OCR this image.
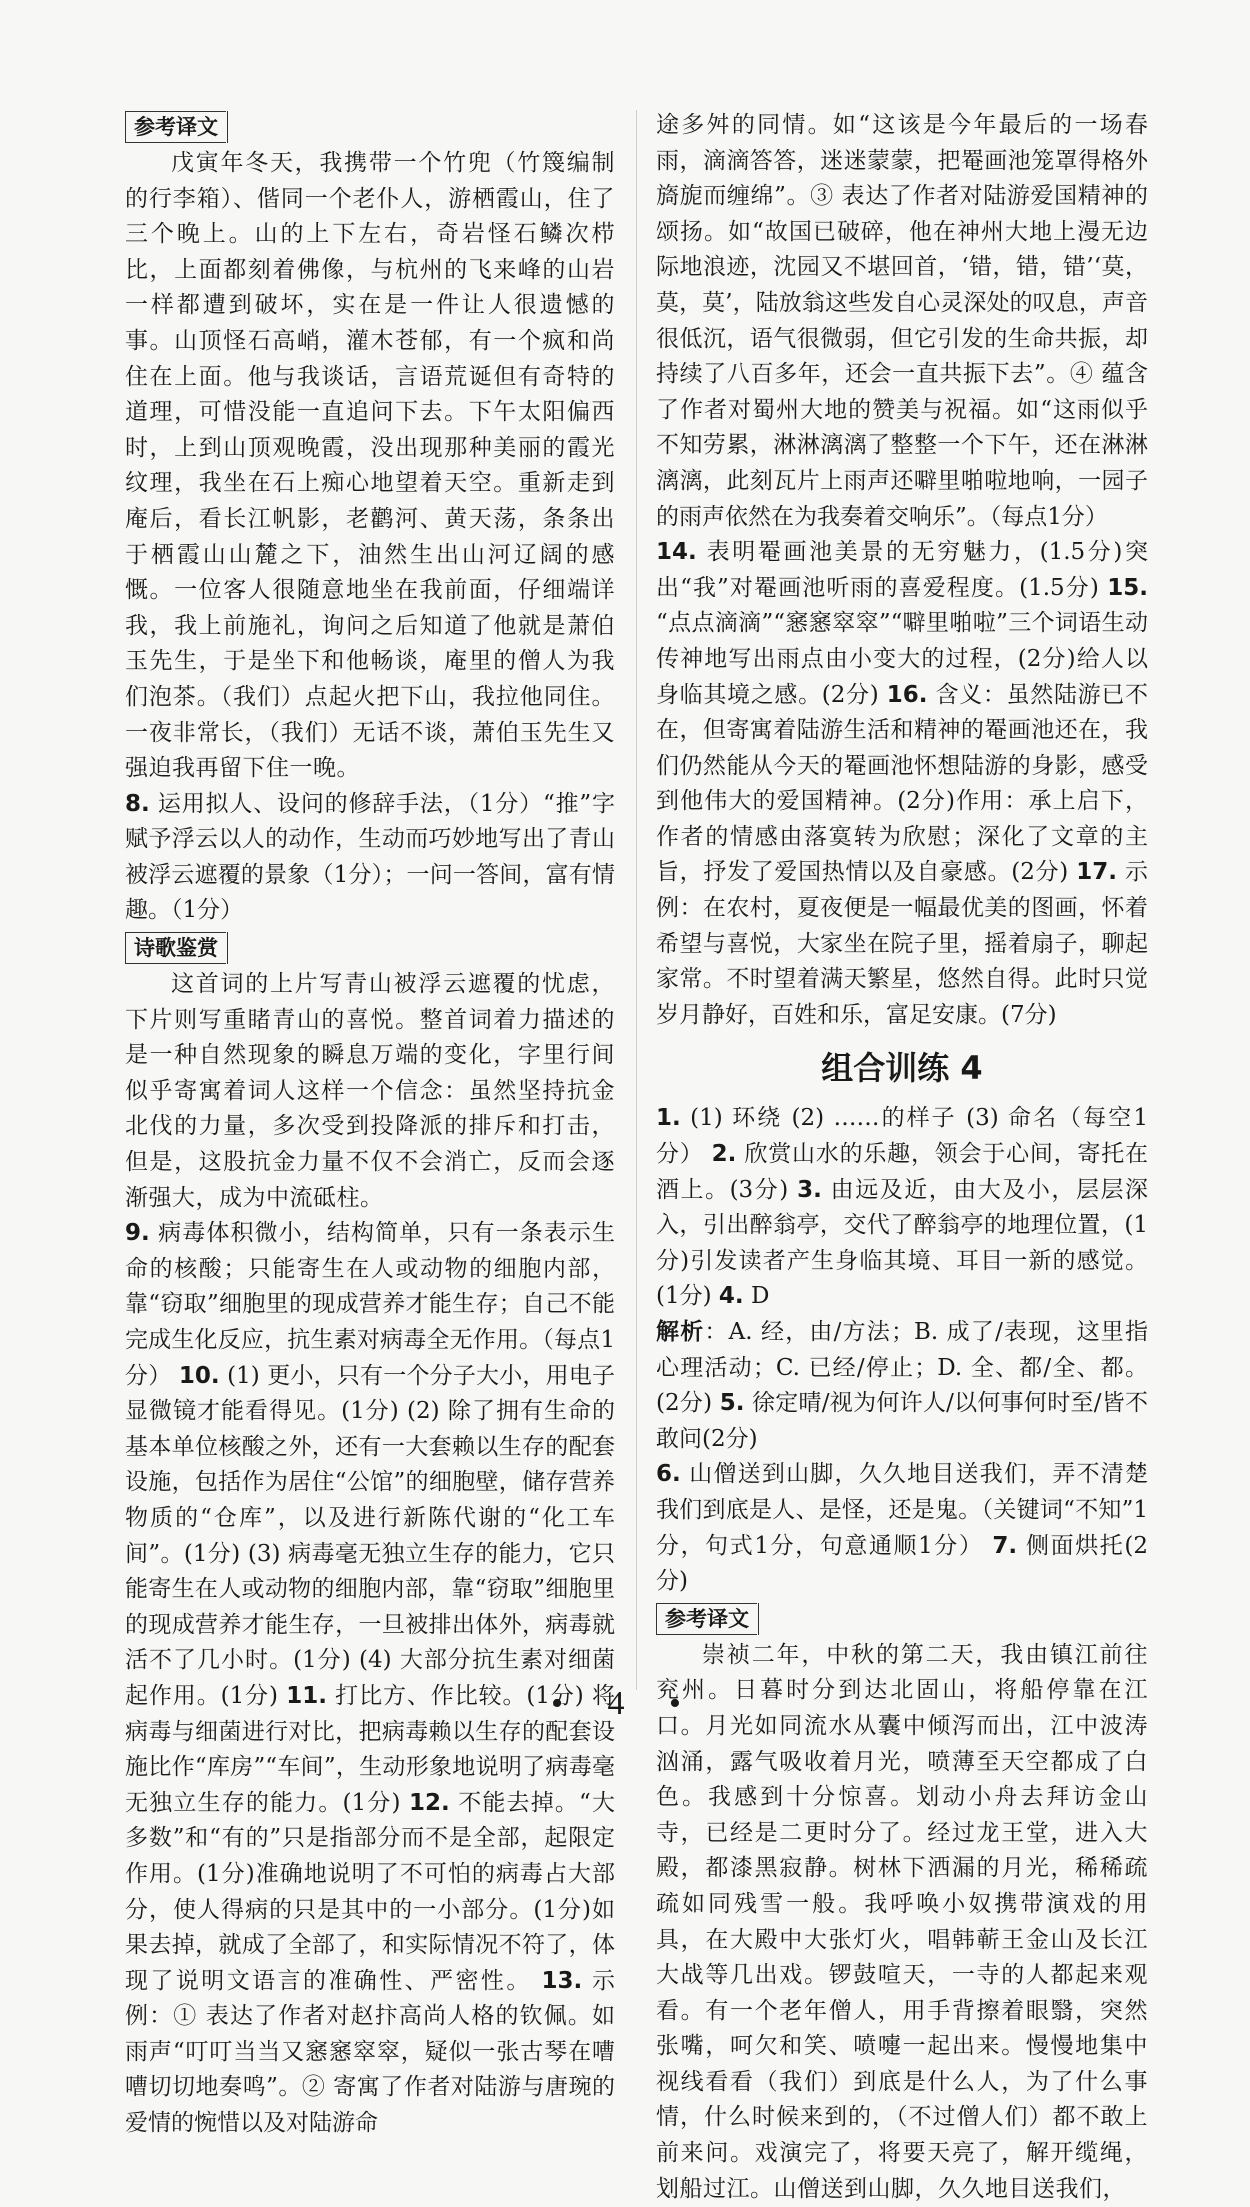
参考译文

戊寅年冬天，我携带一个竹兜（竹篾编制的行李箱）、偕同一个老仆人，游栖霞山，住了三个晚上。山的上下左右，奇岩怪石鳞次栉比，上面都刻着佛像，与杭州的飞来峰的山岩一样都遭到破坏，实在是一件让人很遗憾的事。山顶怪石高峭，灌木苍郁，有一个疯和尚住在上面。他与我谈话，言语荒诞但有奇特的道理，可惜没能一直追问下去。下午太阳偏西时，上到山顶观晚霞，没出现那种美丽的霞光纹理，我坐在石上痴心地望着天空。重新走到庵后，看长江帆影，老鹳河、黄天荡，条条出于栖霞山山麓之下，油然生出山河辽阔的感慨。一位客人很随意地坐在我前面，仔细端详我，我上前施礼，询问之后知道了他就是萧伯玉先生，于是坐下和他畅谈，庵里的僧人为我们泡茶。（我们）点起火把下山，我拉他同住。一夜非常长，（我们）无话不谈，萧伯玉先生又强迫我再留下住一晚。

8. 运用拟人、设问的修辞手法，（1分）“推”字赋予浮云以人的动作，生动而巧妙地写出了青山被浮云遮覆的景象（1分）；一问一答间，富有情趣。（1分）

诗歌鉴赏

这首词的上片写青山被浮云遮覆的忧虑，下片则写重睹青山的喜悦。整首词着力描述的是一种自然现象的瞬息万端的变化，字里行间似乎寄寓着词人这样一个信念：虽然坚持抗金北伐的力量，多次受到投降派的排斥和打击，但是，这股抗金力量不仅不会消亡，反而会逐渐强大，成为中流砥柱。

9. 病毒体积微小，结构简单，只有一条表示生命的核酸；只能寄生在人或动物的细胞内部，靠“窃取”细胞里的现成营养才能生存；自己不能完成生化反应，抗生素对病毒全无作用。（每点1分） 10. (1) 更小，只有一个分子大小，用电子显微镜才能看得见。(1分) (2) 除了拥有生命的基本单位核酸之外，还有一大套赖以生存的配套设施，包括作为居住“公馆”的细胞壁，储存营养物质的“仓库”，以及进行新陈代谢的“化工车间”。(1分) (3) 病毒毫无独立生存的能力，它只能寄生在人或动物的细胞内部，靠“窃取”细胞里的现成营养才能生存，一旦被排出体外，病毒就活不了几小时。(1分) (4) 大部分抗生素对细菌起作用。(1分) 11. 打比方、作比较。(1分) 将病毒与细菌进行对比，把病毒赖以生存的配套设施比作“库房”“车间”，生动形象地说明了病毒毫无独立生存的能力。(1分) 12. 不能去掉。“大多数”和“有的”只是指部分而不是全部，起限定作用。(1分)准确地说明了不可怕的病毒占大部分，使人得病的只是其中的一小部分。(1分)如果去掉，就成了全部了，和实际情况不符了，体现了说明文语言的准确性、严密性。 13. 示例：① 表达了作者对赵抃高尚人格的钦佩。如雨声“叮叮当当又窸窸窣窣，疑似一张古琴在嘈嘈切切地奏鸣”。② 寄寓了作者对陆游与唐琬的爱情的惋惜以及对陆游命

途多舛的同情。如“这该是今年最后的一场春雨，滴滴答答，迷迷蒙蒙，把罨画池笼罩得格外旖旎而缠绵”。③ 表达了作者对陆游爱国精神的颂扬。如“故国已破碎，他在神州大地上漫无边际地浪迹，沈园又不堪回首，‘错，错，错’‘莫，莫，莫’，陆放翁这些发自心灵深处的叹息，声音很低沉，语气很微弱，但它引发的生命共振，却持续了八百多年，还会一直共振下去”。④ 蕴含了作者对蜀州大地的赞美与祝福。如“这雨似乎不知劳累，淋淋漓漓了整整一个下午，还在淋淋漓漓，此刻瓦片上雨声还噼里啪啦地响，一园子的雨声依然在为我奏着交响乐”。（每点1分）

14. 表明罨画池美景的无穷魅力，(1.5分)突出“我”对罨画池听雨的喜爱程度。(1.5分) 15. “点点滴滴”“窸窸窣窣”“噼里啪啦”三个词语生动传神地写出雨点由小变大的过程，(2分)给人以身临其境之感。(2分) 16. 含义：虽然陆游已不在，但寄寓着陆游生活和精神的罨画池还在，我们仍然能从今天的罨画池怀想陆游的身影，感受到他伟大的爱国精神。(2分)作用：承上启下，作者的情感由落寞转为欣慰；深化了文章的主旨，抒发了爱国热情以及自豪感。(2分) 17. 示例：在农村，夏夜便是一幅最优美的图画，怀着希望与喜悦，大家坐在院子里，摇着扇子，聊起家常。不时望着满天繁星，悠然自得。此时只觉岁月静好，百姓和乐，富足安康。(7分)

组合训练 4

1. (1) 环绕 (2) ……的样子 (3) 命名（每空1分） 2. 欣赏山水的乐趣，领会于心间，寄托在酒上。(3分) 3. 由远及近，由大及小，层层深入，引出醉翁亭，交代了醉翁亭的地理位置，(1分)引发读者产生身临其境、耳目一新的感觉。(1分) 4. D
解析：A. 经，由/方法；B. 成了/表现，这里指心理活动；C. 已经/停止；D. 全、都/全、都。(2分) 5. 徐定晴/视为何许人/以何事何时至/皆不敢问(2分)
6. 山僧送到山脚，久久地目送我们，弄不清楚我们到底是人、是怪，还是鬼。（关键词“不知”1分，句式1分，句意通顺1分） 7. 侧面烘托(2分)

参考译文

崇祯二年，中秋的第二天，我由镇江前往兖州。日暮时分到达北固山，将船停靠在江口。月光如同流水从囊中倾泻而出，江中波涛汹涌，露气吸收着月光，喷薄至天空都成了白色。我感到十分惊喜。划动小舟去拜访金山寺，已经是二更时分了。经过龙王堂，进入大殿，都漆黑寂静。树林下洒漏的月光，稀稀疏疏如同残雪一般。我呼唤小奴携带演戏的用具，在大殿中大张灯火，唱韩蕲王金山及长江大战等几出戏。锣鼓喧天，一寺的人都起来观看。有一个老年僧人，用手背擦着眼翳，突然张嘴，呵欠和笑、喷嚏一起出来。慢慢地集中视线看看（我们）到底是什么人，为了什么事情，什么时候来到的，（不过僧人们）都不敢上前来问。戏演完了，将要天亮了，解开缆绳，划船过江。山僧送到山脚，久久地目送我们，

• 4 •
